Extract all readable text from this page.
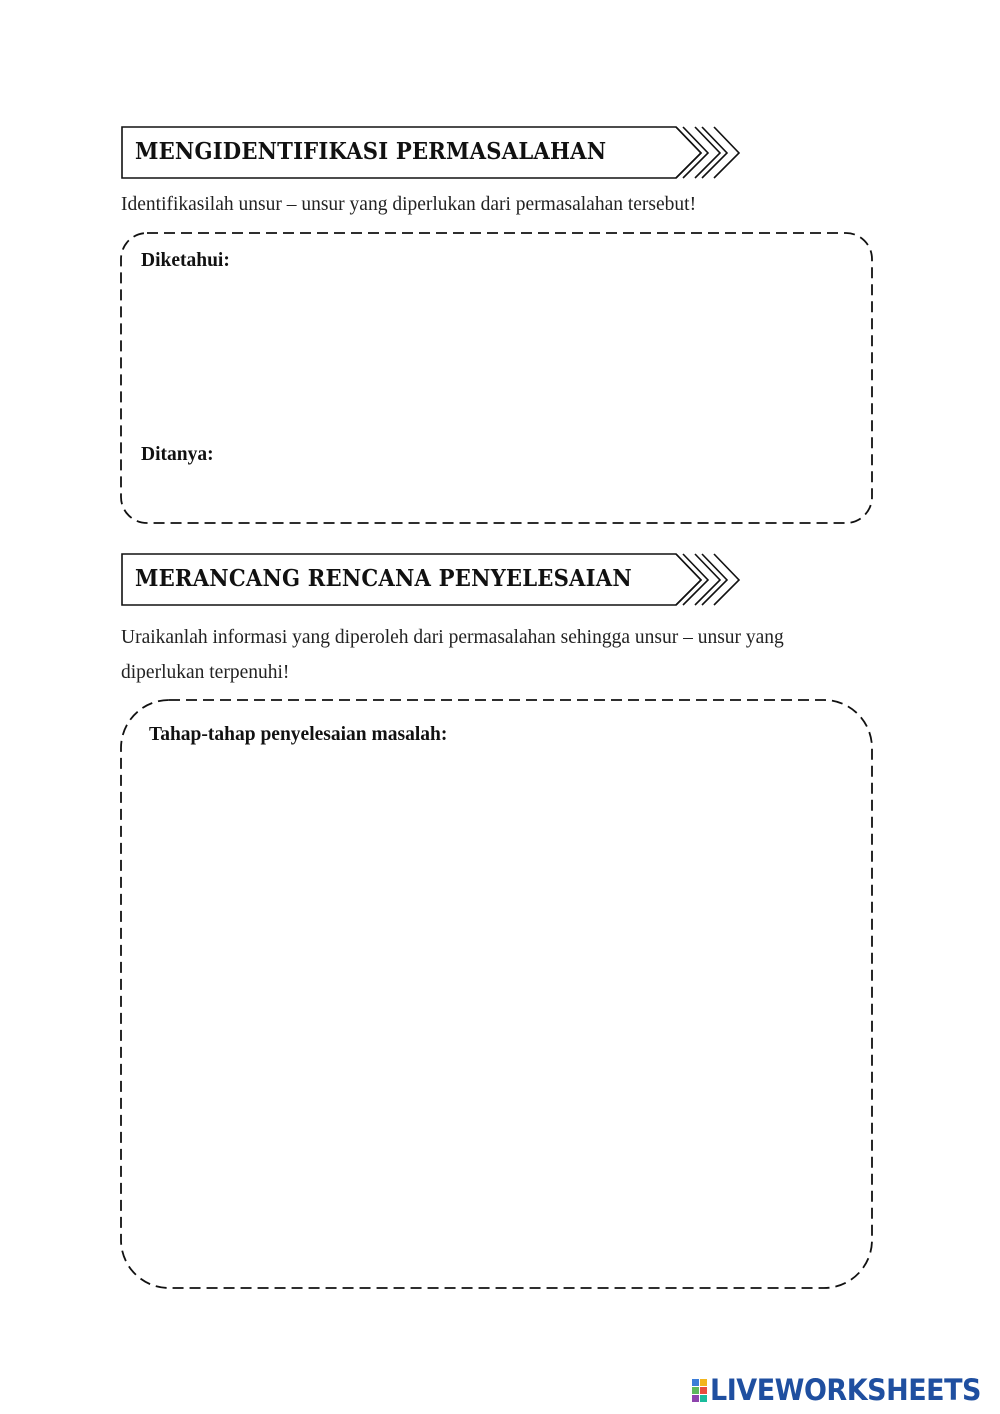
MENGIDENTIFIKASI PERMASALAHAN
Identifikasilah unsur – unsur yang diperlukan dari permasalahan tersebut!
Diketahui:
Ditanya:
MERANCANG RENCANA PENYELESAIAN
Uraikanlah informasi yang diperoleh dari permasalahan sehingga unsur – unsur yang
diperlukan terpenuhi!
Tahap-tahap penyelesaian masalah:
LIVEWORKSHEETS
